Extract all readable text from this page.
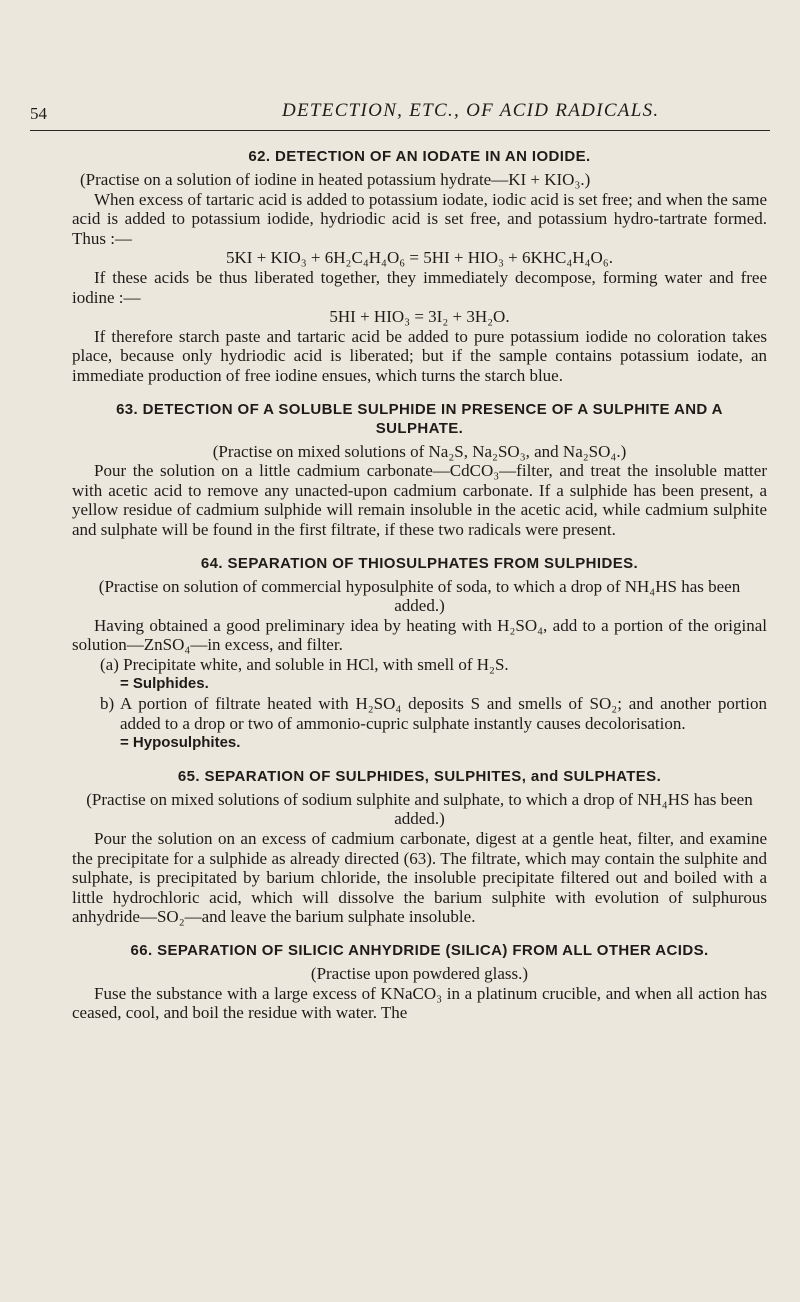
54	DETECTION, ETC., OF ACID RADICALS.
62. DETECTION OF AN IODATE IN AN IODIDE.

(Practise on a solution of iodine in heated potassium hydrate—KI + KIO₃.)

When excess of tartaric acid is added to potassium iodate, iodic acid is set free; and when the same acid is added to potassium iodide, hydriodic acid is set free, and potassium hydro-tartrate formed. Thus :—

5KI + KIO₃ + 6H₂C₄H₄O₆ = 5HI + HIO₃ + 6KHC₄H₄O₆.

If these acids be thus liberated together, they immediately decompose, forming water and free iodine :—

5HI + HIO₃ = 3I₂ + 3H₂O.

If therefore starch paste and tartaric acid be added to pure potassium iodide no coloration takes place, because only hydriodic acid is liberated; but if the sample contains potassium iodate, an immediate production of free iodine ensues, which turns the starch blue.

63. DETECTION OF A SOLUBLE SULPHIDE IN PRESENCE OF A SULPHITE AND A SULPHATE.

(Practise on mixed solutions of Na₂S, Na₂SO₃, and Na₂SO₄.)

Pour the solution on a little cadmium carbonate—CdCO₃—filter, and treat the insoluble matter with acetic acid to remove any unacted-upon cadmium carbonate. If a sulphide has been present, a yellow residue of cadmium sulphide will remain insoluble in the acetic acid, while cadmium sulphite and sulphate will be found in the first filtrate, if these two radicals were present.

64. SEPARATION OF THIOSULPHATES FROM SULPHIDES.

(Practise on solution of commercial hyposulphite of soda, to which a drop of NH₄HS has been added.)

Having obtained a good preliminary idea by heating with H₂SO₄, add to a portion of the original solution—ZnSO₄—in excess, and filter.

(a) Precipitate white, and soluble in HCl, with smell of H₂S.

= Sulphides.

b) A portion of filtrate heated with H₂SO₄ deposits S and smells of SO₂; and another portion added to a drop or two of ammonio-cupric sulphate instantly causes decolorisation.

= Hyposulphites.

65. SEPARATION OF SULPHIDES, SULPHITES, and SULPHATES.

(Practise on mixed solutions of sodium sulphite and sulphate, to which a drop of NH₄HS has been added.)

Pour the solution on an excess of cadmium carbonate, digest at a gentle heat, filter, and examine the precipitate for a sulphide as already directed (63). The filtrate, which may contain the sulphite and sulphate, is precipitated by barium chloride, the insoluble precipitate filtered out and boiled with a little hydrochloric acid, which will dissolve the barium sulphite with evolution of sulphurous anhydride—SO₂—and leave the barium sulphate insoluble.

66. SEPARATION OF SILICIC ANHYDRIDE (SILICA) FROM ALL OTHER ACIDS.

(Practise upon powdered glass.)

Fuse the substance with a large excess of KNaCO₃ in a platinum crucible, and when all action has ceased, cool, and boil the residue with water. The
